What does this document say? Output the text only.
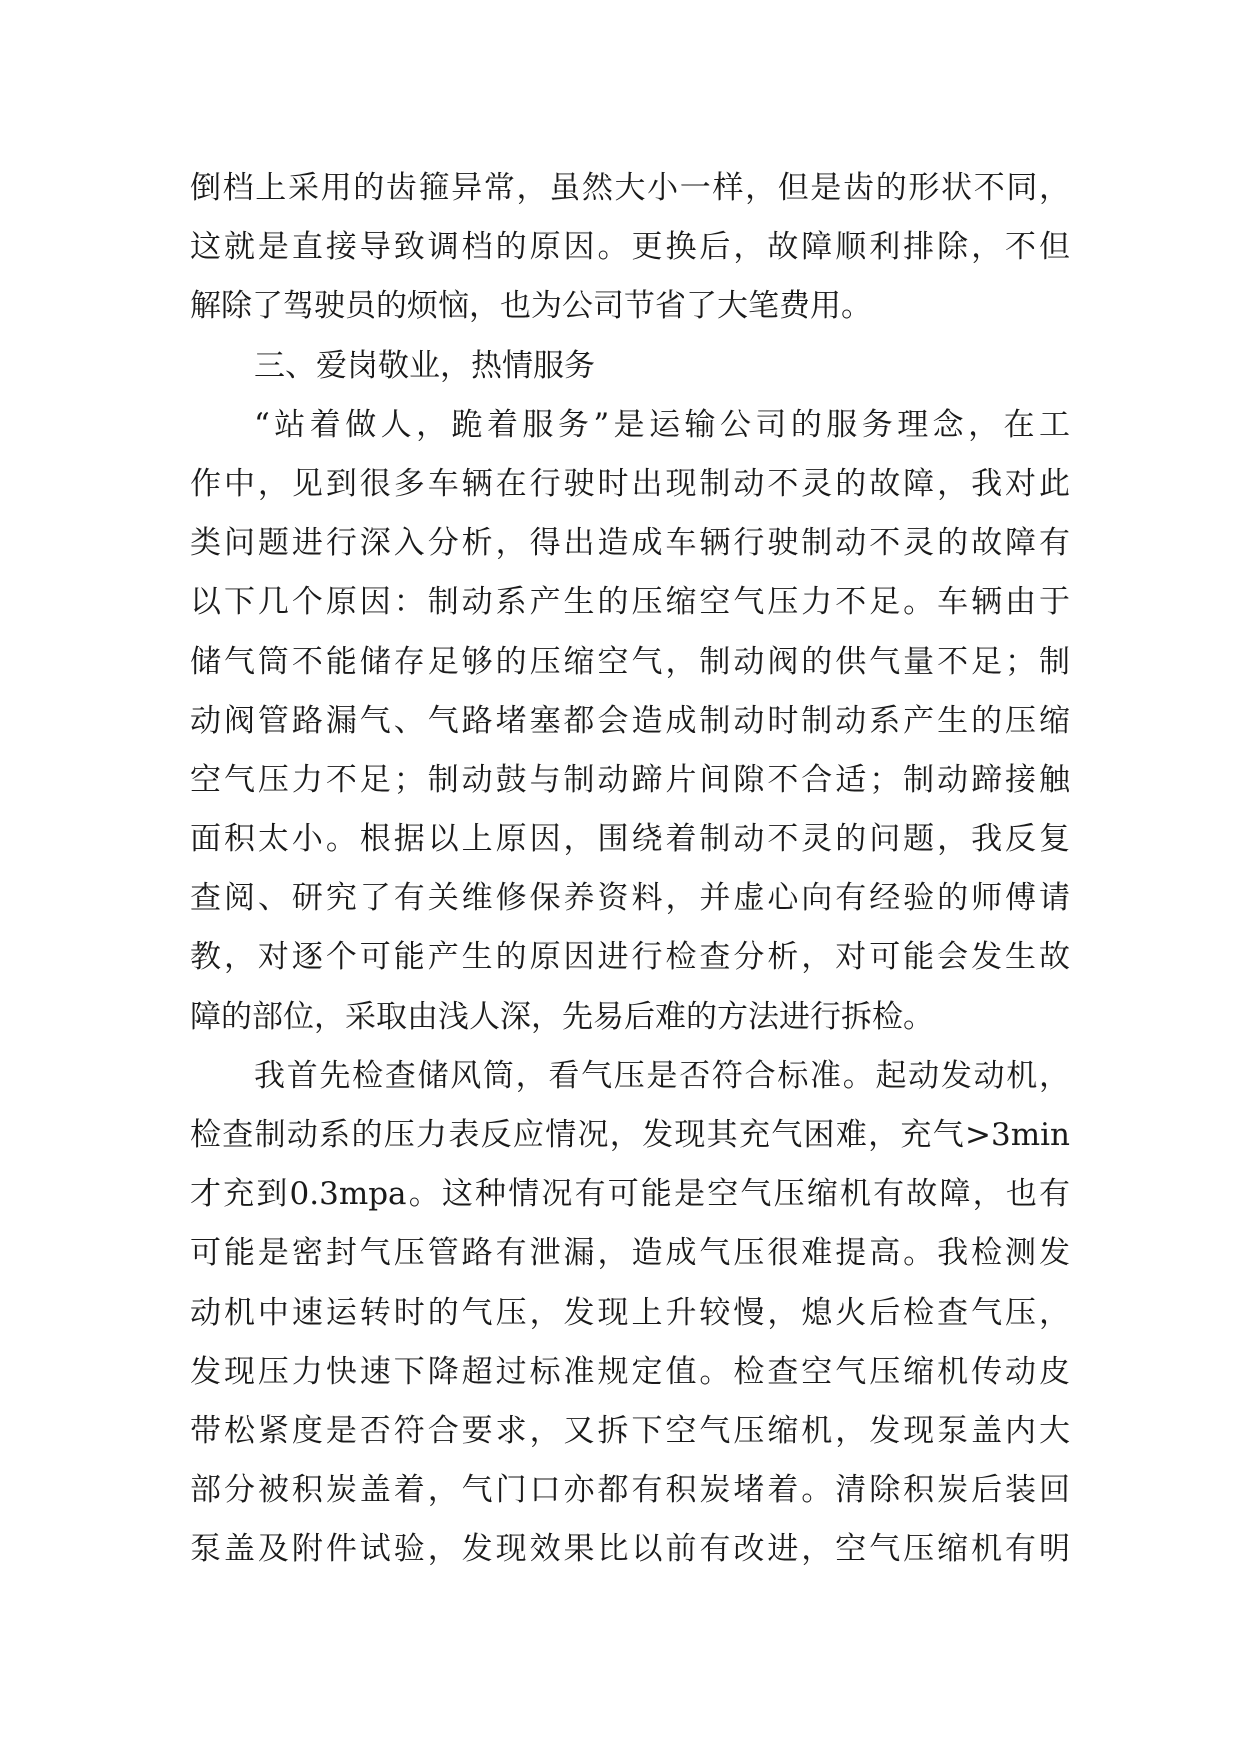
倒档上采用的齿箍异常，虽然大小一样，但是齿的形状不同，
这就是直接导致调档的原因。更换后，故障顺利排除，不但
解除了驾驶员的烦恼，也为公司节省了大笔费用。
三、爱岗敬业，热情服务
“站着做人，跪着服务”是运输公司的服务理念，在工
作中，见到很多车辆在行驶时出现制动不灵的故障，我对此
类问题进行深入分析，得出造成车辆行驶制动不灵的故障有
以下几个原因：制动系产生的压缩空气压力不足。车辆由于
储气筒不能储存足够的压缩空气，制动阀的供气量不足；制
动阀管路漏气、气路堵塞都会造成制动时制动系产生的压缩
空气压力不足；制动鼓与制动蹄片间隙不合适；制动蹄接触
面积太小。根据以上原因，围绕着制动不灵的问题，我反复
查阅、研究了有关维修保养资料，并虚心向有经验的师傅请
教，对逐个可能产生的原因进行检查分析，对可能会发生故
障的部位，采取由浅人深，先易后难的方法进行拆检。
我首先检查储风筒，看气压是否符合标准。起动发动机，
检查制动系的压力表反应情况，发现其充气困难，充气>3min
才充到0.3mpa。这种情况有可能是空气压缩机有故障，也有
可能是密封气压管路有泄漏，造成气压很难提高。我检测发
动机中速运转时的气压，发现上升较慢，熄火后检查气压，
发现压力快速下降超过标准规定值。检查空气压缩机传动皮
带松紧度是否符合要求，又拆下空气压缩机，发现泵盖内大
部分被积炭盖着，气门口亦都有积炭堵着。清除积炭后装回
泵盖及附件试验，发现效果比以前有改进，空气压缩机有明
